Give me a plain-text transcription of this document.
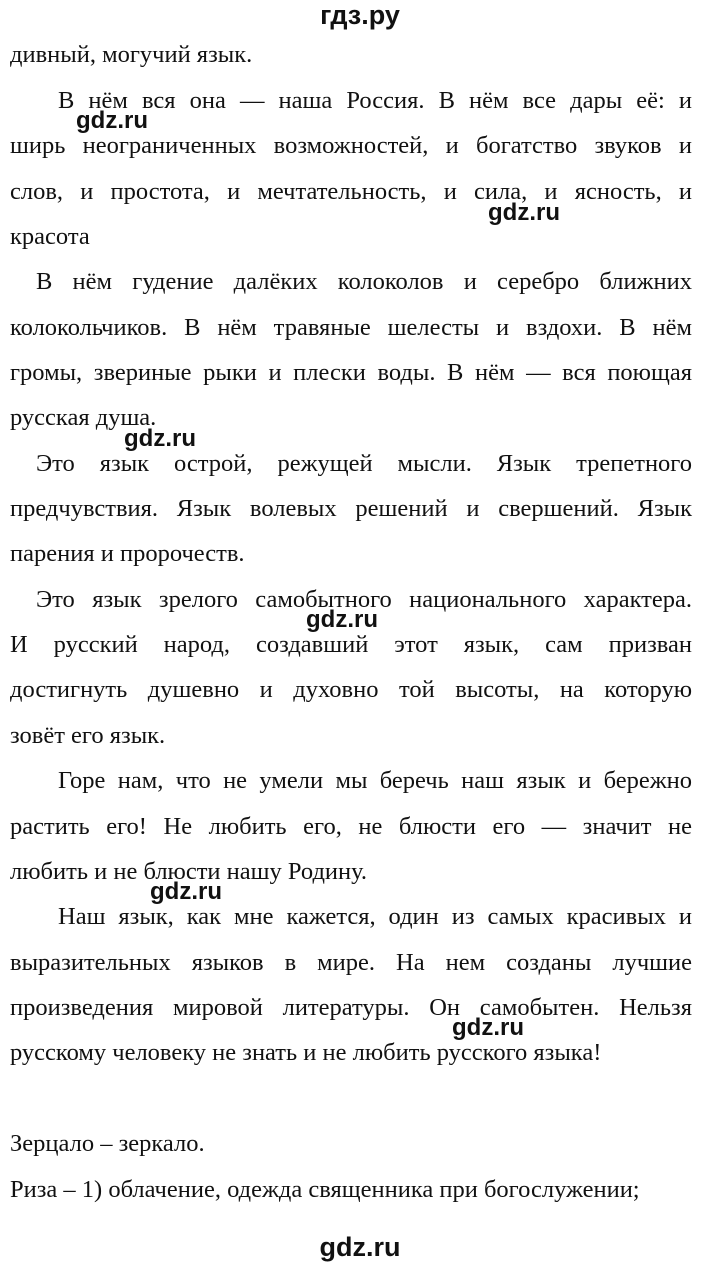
гдз.ру
дивный, могучий язык.
В нём вся она — наша Россия. В нём все дары её: и
ширь неограниченных возможностей, и богатство звуков и
слов, и простота, и мечтательность, и сила, и ясность, и
красота
В нём гудение далёких колоколов и серебро ближних
колокольчиков. В нём травяные шелесты и вздохи. В нём
громы, звериные рыки и плески воды. В нём — вся поющая
русская душа.
Это язык острой, режущей мысли. Язык трепетного
предчувствия. Язык волевых решений и свершений. Язык
парения и пророчеств.
Это язык зрелого самобытного национального характера.
И русский народ, создавший этот язык, сам призван
достигнуть душевно и духовно той высоты, на которую
зовёт его язык.
Горе нам, что не умели мы беречь наш язык и бережно
растить его! Не любить его, не блюсти его — значит не
любить и не блюсти нашу Родину.
Наш язык, как мне кажется, один из самых красивых и
выразительных языков в мире. На нем созданы лучшие
произведения мировой литературы. Он самобытен. Нельзя
русскому человеку не знать и не любить русского языка!
Зерцало – зеркало.
Риза – 1) облачение, одежда священника при богослужении;
gdz.ru
gdz.ru
gdz.ru
gdz.ru
gdz.ru
gdz.ru
gdz.ru
